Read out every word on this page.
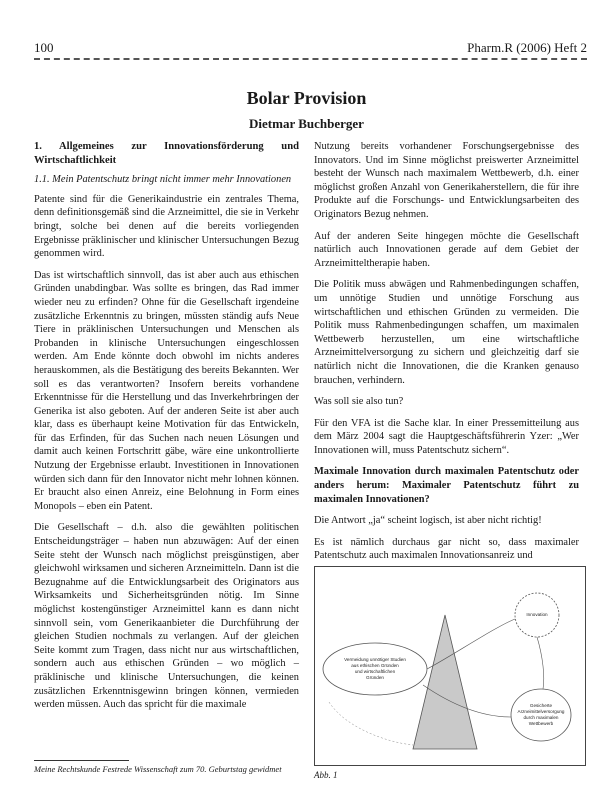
100	Pharm.R (2006) Heft 2
Bolar Provision
Dietmar Buchberger
1. Allgemeines zur Innovationsförderung und Wirtschaftlichkeit
1.1. Mein Patentschutz bringt nicht immer mehr Innovationen

Patente sind für die Generikaindustrie ein zentrales Thema, denn definitionsgemäß sind die Arzneimittel, die sie in Verkehr bringt, solche bei denen auf die bereits vorliegenden Ergebnisse präklinischer und klinischer Untersuchungen Bezug genommen wird.

Das ist wirtschaftlich sinnvoll, das ist aber auch aus ethischen Gründen unabdingbar. Was sollte es bringen, das Rad immer wieder neu zu erfinden? Ohne für die Gesellschaft irgendeine zusätzliche Erkenntnis zu bringen, müssten ständig aufs Neue Tiere in präklinischen Untersuchungen und Menschen als Probanden in klinische Untersuchungen eingeschlossen werden. Am Ende könnte doch obwohl im nichts anderes herauskommen, als die Bestätigung des bereits Bekannten. Wer soll es das verantworten? Insofern bereits vorhandene Erkenntnisse für die Herstellung und das Inverkehrbringen der Generika ist also geboten. Auf der anderen Seite ist aber auch klar, dass es überhaupt keine Motivation für das Entwickeln, für das Erfinden, für das Suchen nach neuen Lösungen und damit auch keinen Fortschritt gäbe, wäre eine unkontrollierte Nutzung der Ergebnisse erlaubt. Investitionen in Innovationen würden sich dann für den Innovator nicht mehr lohnen können. Er braucht also einen Anreiz, eine Belohnung in Form eines Monopols – eben ein Patent.

Die Gesellschaft – d.h. also die gewählten politischen Entscheidungsträger – haben nun abzuwägen: Auf der einen Seite steht der Wunsch nach möglichst preisgünstigen, aber gleichwohl wirksamen und sicheren Arzneimitteln. Dann ist die Bezugnahme auf die Entwicklungsarbeit des Originators aus Wirksamkeits und Sicherheitsgründen nötig. Im Sinne möglichst kostengünstiger Arzneimittel kann es dann nicht sinnvoll sein, vom Generikaanbieter die Durchführung der gleichen Studien nochmals zu verlangen. Auf der gleichen Seite kommt zum Tragen, dass nicht nur aus wirtschaftlichen, sondern auch aus ethischen Gründen – wo möglich – präklinische und klinische Untersuchungen, die keinen zusätzlichen Erkenntnisgewinn bringen können, vermieden werden müssen. Auch das spricht für die maximale

Nutzung bereits vorhandener Forschungsergebnisse des Innovators. Und im Sinne möglichst preiswerter Arzneimittel besteht der Wunsch nach maximalem Wettbewerb, d.h. einer möglichst großen Anzahl von Generikaherstellern, die für ihre Produkte auf die Forschungs- und Entwicklungsarbeiten des Originators Bezug nehmen.

Auf der anderen Seite hingegen möchte die Gesellschaft natürlich auch Innovationen gerade auf dem Gebiet der Arzneimitteltherapie haben.

Die Politik muss abwägen und Rahmenbedingungen schaffen, um unnötige Studien und unnötige Forschung aus wirtschaftlichen und ethischen Gründen zu vermeiden. Die Politik muss Rahmenbedingungen schaffen, um maximalen Wettbewerb herzustellen, um eine wirtschaftliche Arzneimittelversorgung zu sichern und gleichzeitig darf sie natürlich nicht die Innovationen, die die Kranken genauso brauchen, verhindern.

Was soll sie also tun?

Für den VFA ist die Sache klar. In einer Pressemitteilung aus dem März 2004 sagt die Hauptgeschäftsführerin Yzer: „Wer Innovationen will, muss Patentschutz sichern“.

Maximale Innovation durch maximalen Patentschutz oder anders herum: Maximaler Patentschutz führt zu maximalen Innovationen?

Die Antwort „ja“ scheint logisch, ist aber nicht richtig!

Es ist nämlich durchaus gar nicht so, dass maximaler Patentschutz auch maximalen Innovationsanreiz und

Innovation
Vermeidung unnötiger Studien
aus ethischen Gründen
und wirtschaftlichen
Gründen
Gesicherte
Arzneimittelversorgung
durch maximalen
Wettbewerb
Abb. 1
Meine Rechtskunde Festrede Wissenschaft zum 70. Geburtstag gewidmet
